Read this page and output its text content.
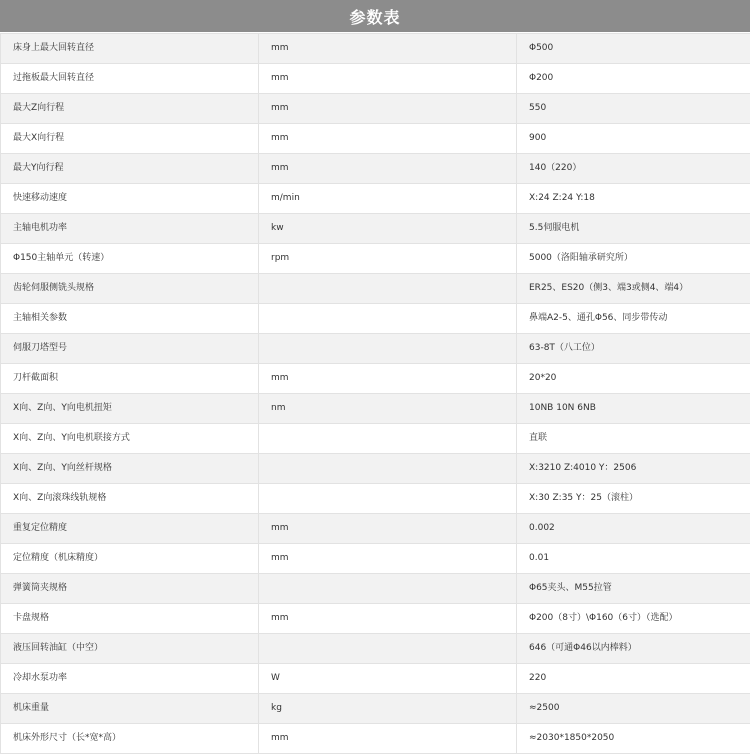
参数表
床身上最大回转直径	mm	Φ500
过拖板最大回转直径	mm	Φ200
最大Z向行程	mm	550
最大X向行程	mm	900
最大Y向行程	mm	140（220）
快速移动速度	m/min	X:24 Z:24 Y:18
主轴电机功率	kw	5.5伺服电机
Φ150主轴单元（转速）	rpm	5000（洛阳轴承研究所）
齿轮伺服侧铣头规格		ER25、ES20（侧3、端3或侧4、端4）
主轴相关参数		鼻端A2-5、通孔Φ56、同步带传动
伺服刀塔型号		63-8T（八工位）
刀杆截面积	mm	20*20
X向、Z向、Y向电机扭矩	nm	10NB 10N 6NB
X向、Z向、Y向电机联接方式		直联
X向、Z向、Y向丝杆规格		X:3210 Z:4010 Y：2506
X向、Z向滚珠线轨规格		X:30 Z:35 Y：25（滚柱）
重复定位精度	mm	0.002
定位精度（机床精度）	mm	0.01
弹簧筒夹规格		Φ65夹头、M55拉管
卡盘规格	mm	Φ200（8寸）\Φ160（6寸）（选配）
液压回转油缸（中空）		646（可通Φ46以内棒料）
冷却水泵功率	W	220
机床重量	kg	≈2500
机床外形尺寸（长*宽*高）	mm	≈2030*1850*2050
